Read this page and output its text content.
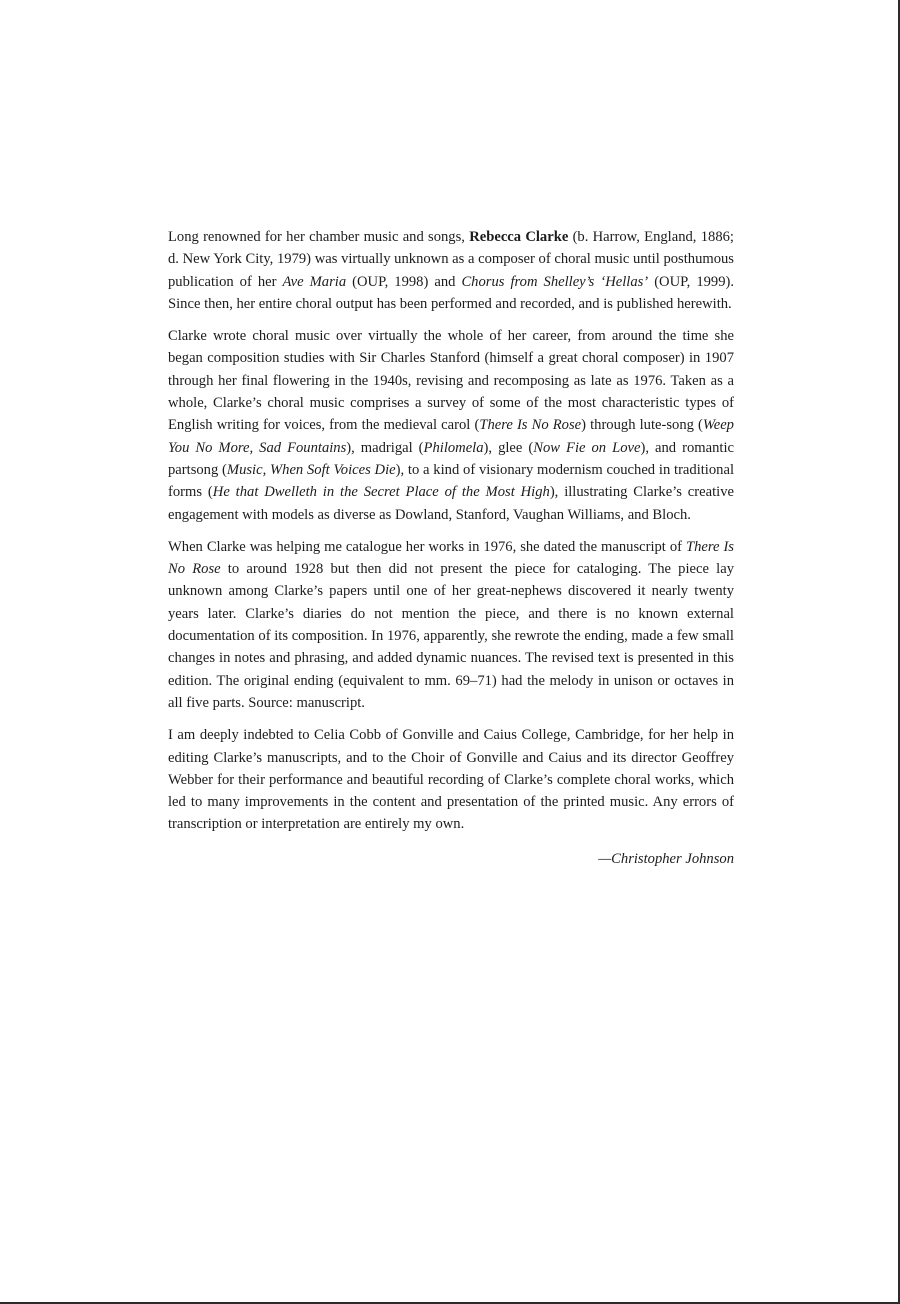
Long renowned for her chamber music and songs, Rebecca Clarke (b. Harrow, England, 1886; d. New York City, 1979) was virtually unknown as a composer of choral music until posthumous publication of her Ave Maria (OUP, 1998) and Chorus from Shelley’s ‘Hellas’ (OUP, 1999). Since then, her entire choral output has been performed and recorded, and is published herewith.

Clarke wrote choral music over virtually the whole of her career, from around the time she began composition studies with Sir Charles Stanford (himself a great choral composer) in 1907 through her final flowering in the 1940s, revising and recomposing as late as 1976. Taken as a whole, Clarke’s choral music comprises a survey of some of the most characteristic types of English writing for voices, from the medieval carol (There Is No Rose) through lute-song (Weep You No More, Sad Fountains), madrigal (Philomela), glee (Now Fie on Love), and romantic partsong (Music, When Soft Voices Die), to a kind of visionary modernism couched in traditional forms (He that Dwelleth in the Secret Place of the Most High), illustrating Clarke’s creative engagement with models as diverse as Dowland, Stanford, Vaughan Williams, and Bloch.

When Clarke was helping me catalogue her works in 1976, she dated the manuscript of There Is No Rose to around 1928 but then did not present the piece for cataloging. The piece lay unknown among Clarke’s papers until one of her great-nephews discovered it nearly twenty years later. Clarke’s diaries do not mention the piece, and there is no known external documentation of its composition. In 1976, apparently, she rewrote the ending, made a few small changes in notes and phrasing, and added dynamic nuances. The revised text is presented in this edition. The original ending (equivalent to mm. 69–71) had the melody in unison or octaves in all five parts. Source: manuscript.

I am deeply indebted to Celia Cobb of Gonville and Caius College, Cambridge, for her help in editing Clarke’s manuscripts, and to the Choir of Gonville and Caius and its director Geoffrey Webber for their performance and beautiful recording of Clarke’s complete choral works, which led to many improvements in the content and presentation of the printed music. Any errors of transcription or interpretation are entirely my own.

—Christopher Johnson
